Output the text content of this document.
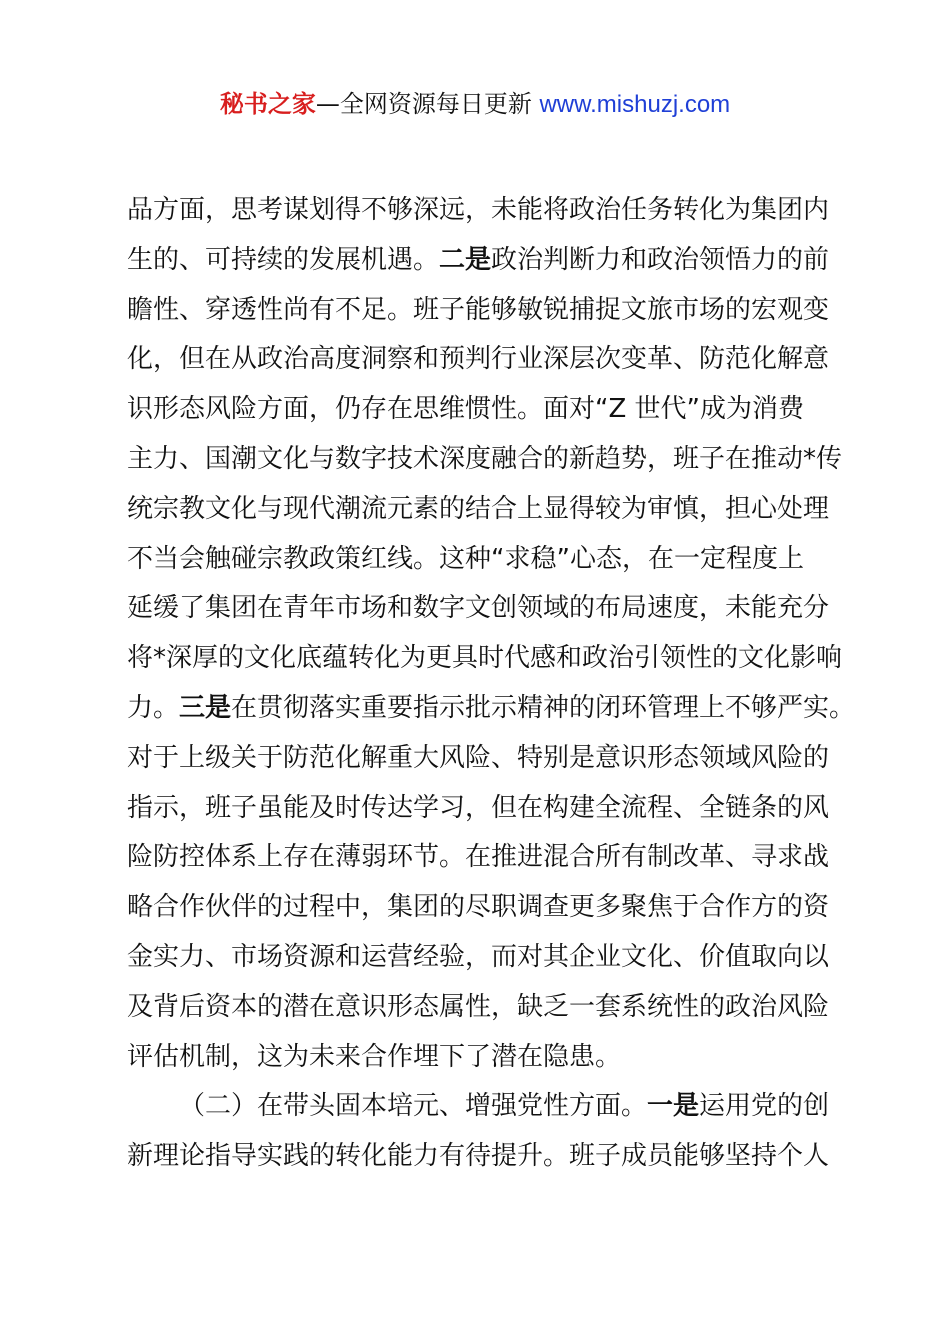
秘书之家—全网资源每日更新 www.mishuzj.com
品方面，思考谋划得不够深远，未能将政治任务转化为集团内
生的、可持续的发展机遇。二是政治判断力和政治领悟力的前
瞻性、穿透性尚有不足。班子能够敏锐捕捉文旅市场的宏观变
化，但在从政治高度洞察和预判行业深层次变革、防范化解意
识形态风险方面，仍存在思维惯性。面对“Z 世代”成为消费
主力、国潮文化与数字技术深度融合的新趋势，班子在推动*传
统宗教文化与现代潮流元素的结合上显得较为审慎，担心处理
不当会触碰宗教政策红线。这种“求稳”心态，在一定程度上
延缓了集团在青年市场和数字文创领域的布局速度，未能充分
将*深厚的文化底蕴转化为更具时代感和政治引领性的文化影响
力。三是在贯彻落实重要指示批示精神的闭环管理上不够严实。
对于上级关于防范化解重大风险、特别是意识形态领域风险的
指示，班子虽能及时传达学习，但在构建全流程、全链条的风
险防控体系上存在薄弱环节。在推进混合所有制改革、寻求战
略合作伙伴的过程中，集团的尽职调查更多聚焦于合作方的资
金实力、市场资源和运营经验，而对其企业文化、价值取向以
及背后资本的潜在意识形态属性，缺乏一套系统性的政治风险
评估机制，这为未来合作埋下了潜在隐患。
（二）在带头固本培元、增强党性方面。一是运用党的创
新理论指导实践的转化能力有待提升。班子成员能够坚持个人
